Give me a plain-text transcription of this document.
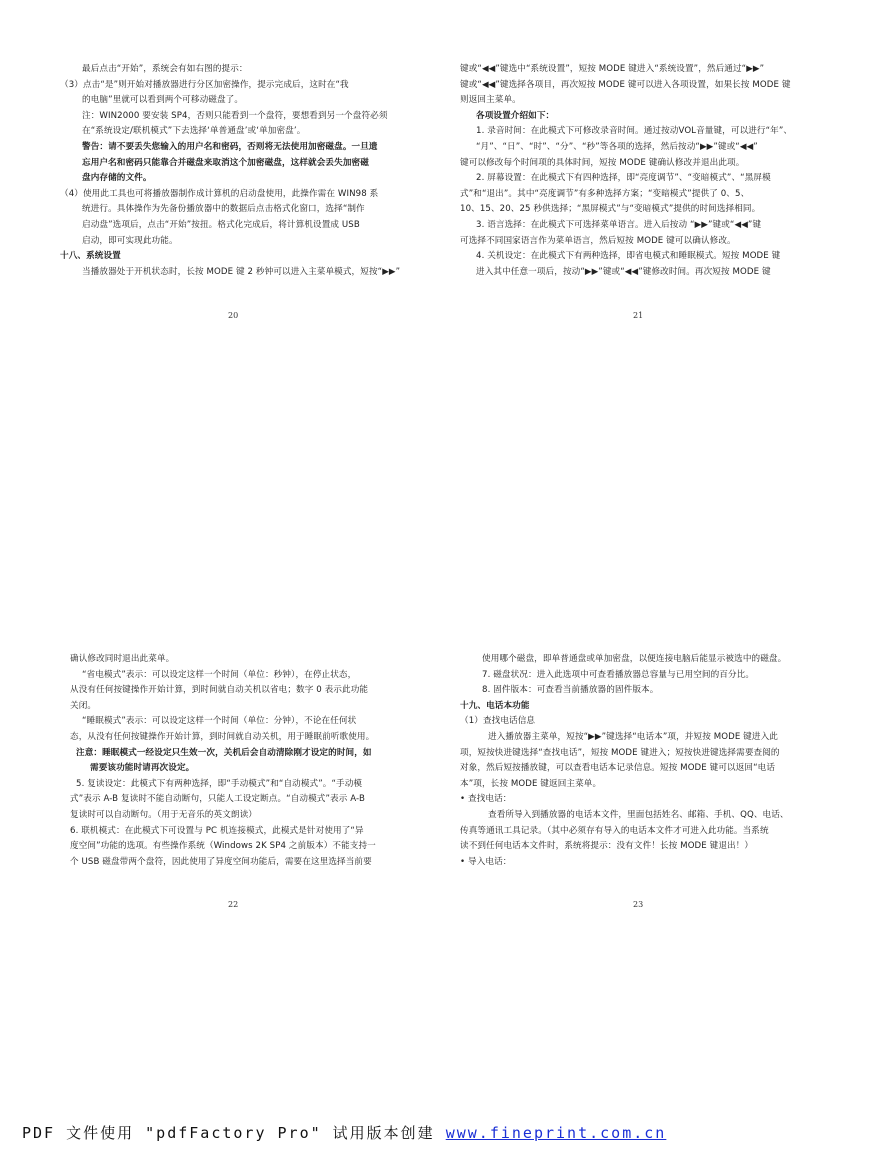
最后点击“开始”，系统会有如右图的提示：

（3）点击“是”则开始对播放器进行分区加密操作，提示完成后，这时在“我

的电脑”里就可以看到两个可移动磁盘了。

注：WIN2000 要安装 SP4，否则只能看到一个盘符，要想看到另一个盘符必须

在“系统设定/联机模式”下去选择‘单普通盘’或‘单加密盘’。

警告：请不要丢失您输入的用户名和密码，否则将无法使用加密磁盘。一旦遗

忘用户名和密码只能靠合并磁盘来取消这个加密磁盘，这样就会丢失加密磁

盘内存储的文件。

（4）使用此工具也可将播放器制作成计算机的启动盘使用，此操作需在 WIN98 系

统进行。具体操作为先备份播放器中的数据后点击格式化窗口，选择“制作

启动盘”选项后，点击“开始”按扭。格式化完成后，将计算机设置成 USB

启动，即可实现此功能。

十八、系统设置

当播放器处于开机状态时，长按 MODE 键 2 秒钟可以进入主菜单模式，短按“▶▶”

20

键或“◀◀”键选中“系统设置”，短按 MODE 键进入“系统设置”，然后通过“▶▶”

键或“◀◀”键选择各项目，再次短按 MODE 键可以进入各项设置，如果长按 MODE 键

则返回主菜单。

各项设置介绍如下：

1. 录音时间：在此模式下可修改录音时间。通过按动VOL音量键，可以进行“年”、

“月”、“日”、“时”、“分”、“秒”等各项的选择，然后按动“▶▶”键或“◀◀”

键可以修改每个时间项的具体时间，短按 MODE 键确认修改并退出此项。

2. 屏幕设置：在此模式下有四种选择，即“亮度调节”、“变暗模式”、“黑屏模

式”和“退出”。其中“亮度调节”有多种选择方案；“变暗模式”提供了 0、5、

10、15、20、25 秒供选择；“黑屏模式”与“变暗模式”提供的时间选择相同。

3. 语言选择：在此模式下可选择菜单语言。进入后按动 “▶▶”键或“◀◀”键

可选择不同国家语言作为菜单语言，然后短按 MODE 键可以确认修改。

4. 关机设定：在此模式下有两种选择，即省电模式和睡眠模式。短按 MODE 键

进入其中任意一项后，按动“▶▶”键或“◀◀”键修改时间。再次短按 MODE 键

21

确认修改同时退出此菜单。

“省电模式”表示：可以设定这样一个时间（单位：秒钟），在停止状态，

从没有任何按键操作开始计算，到时间就自动关机以省电；数字 0 表示此功能

关闭。

“睡眠模式”表示：可以设定这样一个时间（单位：分钟），不论在任何状

态，从没有任何按键操作开始计算，到时间就自动关机，用于睡眠前听歌使用。

注意：睡眠模式一经设定只生效一次，关机后会自动清除刚才设定的时间，如

需要该功能时请再次设定。

5. 复读设定：此模式下有两种选择，即“手动模式”和“自动模式”。“手动模

式”表示 A-B 复读时不能自动断句，只能人工设定断点。“自动模式”表示 A-B

复读时可以自动断句。（用于无音乐的英文朗读）

6. 联机模式：在此模式下可设置与 PC 机连接模式，此模式是针对使用了“异

度空间”功能的选项。有些操作系统（Windows 2K SP4 之前版本）不能支持一

个 USB 磁盘带两个盘符，因此使用了异度空间功能后，需要在这里选择当前要

22

使用哪个磁盘，即单普通盘或单加密盘，以便连接电脑后能显示被选中的磁盘。

7. 磁盘状况：进入此选项中可查看播放器总容量与已用空间的百分比。

8. 固件版本：可查看当前播放器的固件版本。

十九、电话本功能

（1）查找电话信息

进入播放器主菜单，短按“▶▶”键选择“电话本”项，并短按 MODE 键进入此

项，短按快进键选择“查找电话”，短按 MODE 键进入；短按快进键选择需要查阅的

对象，然后短按播放键，可以查看电话本记录信息。短按 MODE 键可以返回“电话

本”项，长按 MODE 键返回主菜单。

• 查找电话：

查看所导入到播放器的电话本文件，里面包括姓名、邮箱、手机、QQ、电话、

传真等通讯工具记录。（其中必须存有导入的电话本文件才可进入此功能。当系统

读不到任何电话本文件时，系统将提示：没有文件！长按 MODE 键退出！）

• 导入电话：

23
PDF 文件使用 "pdfFactory Pro" 试用版本创建 www.fineprint.com.cn
